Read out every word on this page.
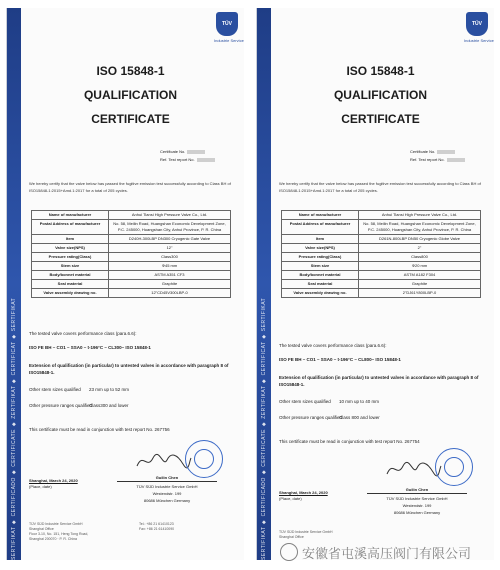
SERTIFIKAT ◆ CERTIFICADO ◆ CERTIFICATE ◆ ZERTIFIKAT ◆ CERTIFICAT ◆ SERTIFIKAT
TÜV
Industrie Service
ISO 15848-1
QUALIFICATION
CERTIFICATE
Certificate No.
Ref. Test report No.
We hereby certify that the valve below has passed the fugitive emission test successfully according to Class BH of ISO15848-1:2015+Amd.1:2017 for a total of 205 cycles.
Name of manufacturer	Anhui Tiansi High Pressure Valve Co., Ltd.
Postal Address of manufacturer	No. 58, Meilin Road, Huangshan Economic Development Zone, P.C. 245000, Huangshan City, Anhui Province, P. R. China
Item	D240H-300LBP DN300 Cryogenic Gate Valve
Valve size(NPS)	12"
Pressure rating(Class)	Class300
Stem size	Φ45 mm
Body/bonnet material	ASTM A351 CF3
Seal material	Graphite
Valve assembly drawing no.	12"CD45V300LBP-0
The tested valve covers performance class (para.6.6):
ISO FE BH – CO1 – SSA0 – t-196°C – CL300– ISO 15848-1
Extension of qualification (in particular) to untested valves in accordance with paragraph 8 of ISO15848-1.
Other stem sizes qualified 23 mm up to 52 mm
Other pressure ranges qualified
Class300 and lower
This certificate must be read in conjunction with test report No. 267756
Shanghai, March 24, 2020
(Place, date)
Guilin Chen
TÜV SÜD Industrie Service GmbH
Westendstr. 199
80686 München Germany
TÜV SÜD Industrie Service GmbH
Shanghai Office
Floor 3-10, No. 151, Heng Tong Road,
Shanghai 200070 · P. R. China
Tel.: +86 21 61410123
Fax: +86 21 61410090	SERTIFIKAT ◆ CERTIFICADO ◆ CERTIFICATE ◆ ZERTIFIKAT ◆ CERTIFICAT ◆ SERTIFIKAT
TÜV
Industrie Service
ISO 15848-1
QUALIFICATION
CERTIFICATE
Certificate No.
Ref. Test report No.
We hereby certify that the valve below has passed the fugitive emission test successfully according to Class BH of ISO15848-1:2015+Amd.1:2017 for a total of 205 cycles.
Name of manufacturer	Anhui Tiansi High Pressure Valve Co., Ltd.
Postal Address of manufacturer	No. 58, Meilin Road, Huangshan Economic Development Zone, P.C. 245000, Huangshan City, Anhui Province, P. R. China
Item	D261N-800LBP DN50 Cryogenic Globe Valve
Valve size(NPS)	2"
Pressure rating(Class)	Class800
Stem size	Φ20 mm
Body/bonnet material	ASTM A182 F304
Seal material	Graphite
Valve assembly drawing no.	2"DJ61Y800LBP-0
The tested valve covers performance class (para.6.6):
ISO FE BH – CO1 – SSA0 – t-196°C – CL800– ISO 15848-1
Extension of qualification (in particular) to untested valves in accordance with paragraph 8 of ISO15848-1.
Other stem sizes qualified 10 mm up to 40 mm
Other pressure ranges qualified
Class 800 and lower
This certificate must be read in conjunction with test report No. 267754
Shanghai, March 24, 2020
(Place, date)
Guilin Chen
TÜV SÜD Industrie Service GmbH
Westendstr. 199
80686 München Germany
TÜV SÜD Industrie Service GmbH
Shanghai Office
安徽省屯溪高压阀门有限公司
